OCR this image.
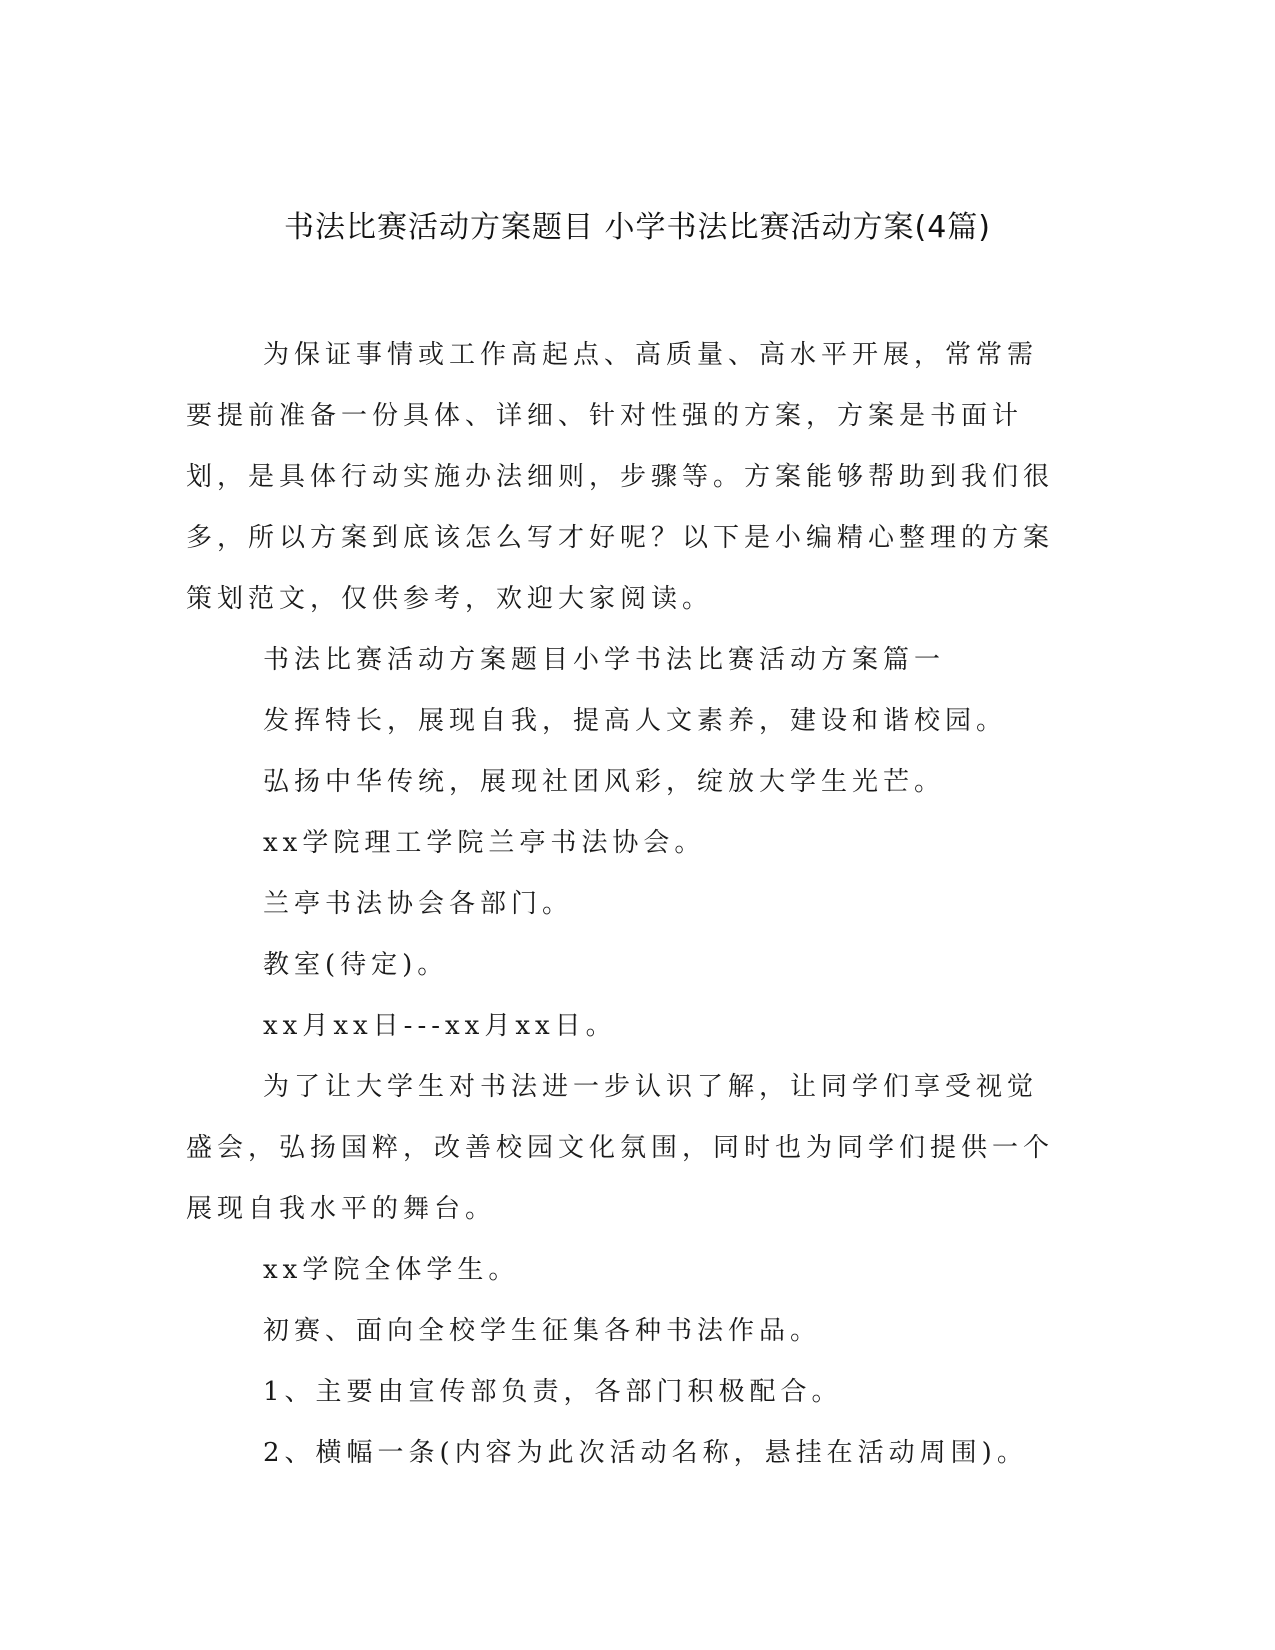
书法比赛活动方案题目 小学书法比赛活动方案(4篇)

为保证事情或工作高起点、高质量、高水平开展，常常需要提前准备一份具体、详细、针对性强的方案，方案是书面计划，是具体行动实施办法细则，步骤等。方案能够帮助到我们很多，所以方案到底该怎么写才好呢？以下是小编精心整理的方案策划范文，仅供参考，欢迎大家阅读。

书法比赛活动方案题目小学书法比赛活动方案篇一

发挥特长，展现自我，提高人文素养，建设和谐校园。

弘扬中华传统，展现社团风彩，绽放大学生光芒。

xx学院理工学院兰亭书法协会。

兰亭书法协会各部门。

教室(待定)。

xx月xx日---xx月xx日。

为了让大学生对书法进一步认识了解，让同学们享受视觉盛会，弘扬国粹，改善校园文化氛围，同时也为同学们提供一个展现自我水平的舞台。

xx学院全体学生。

初赛、面向全校学生征集各种书法作品。

1、主要由宣传部负责，各部门积极配合。

2、横幅一条(内容为此次活动名称，悬挂在活动周围)。
